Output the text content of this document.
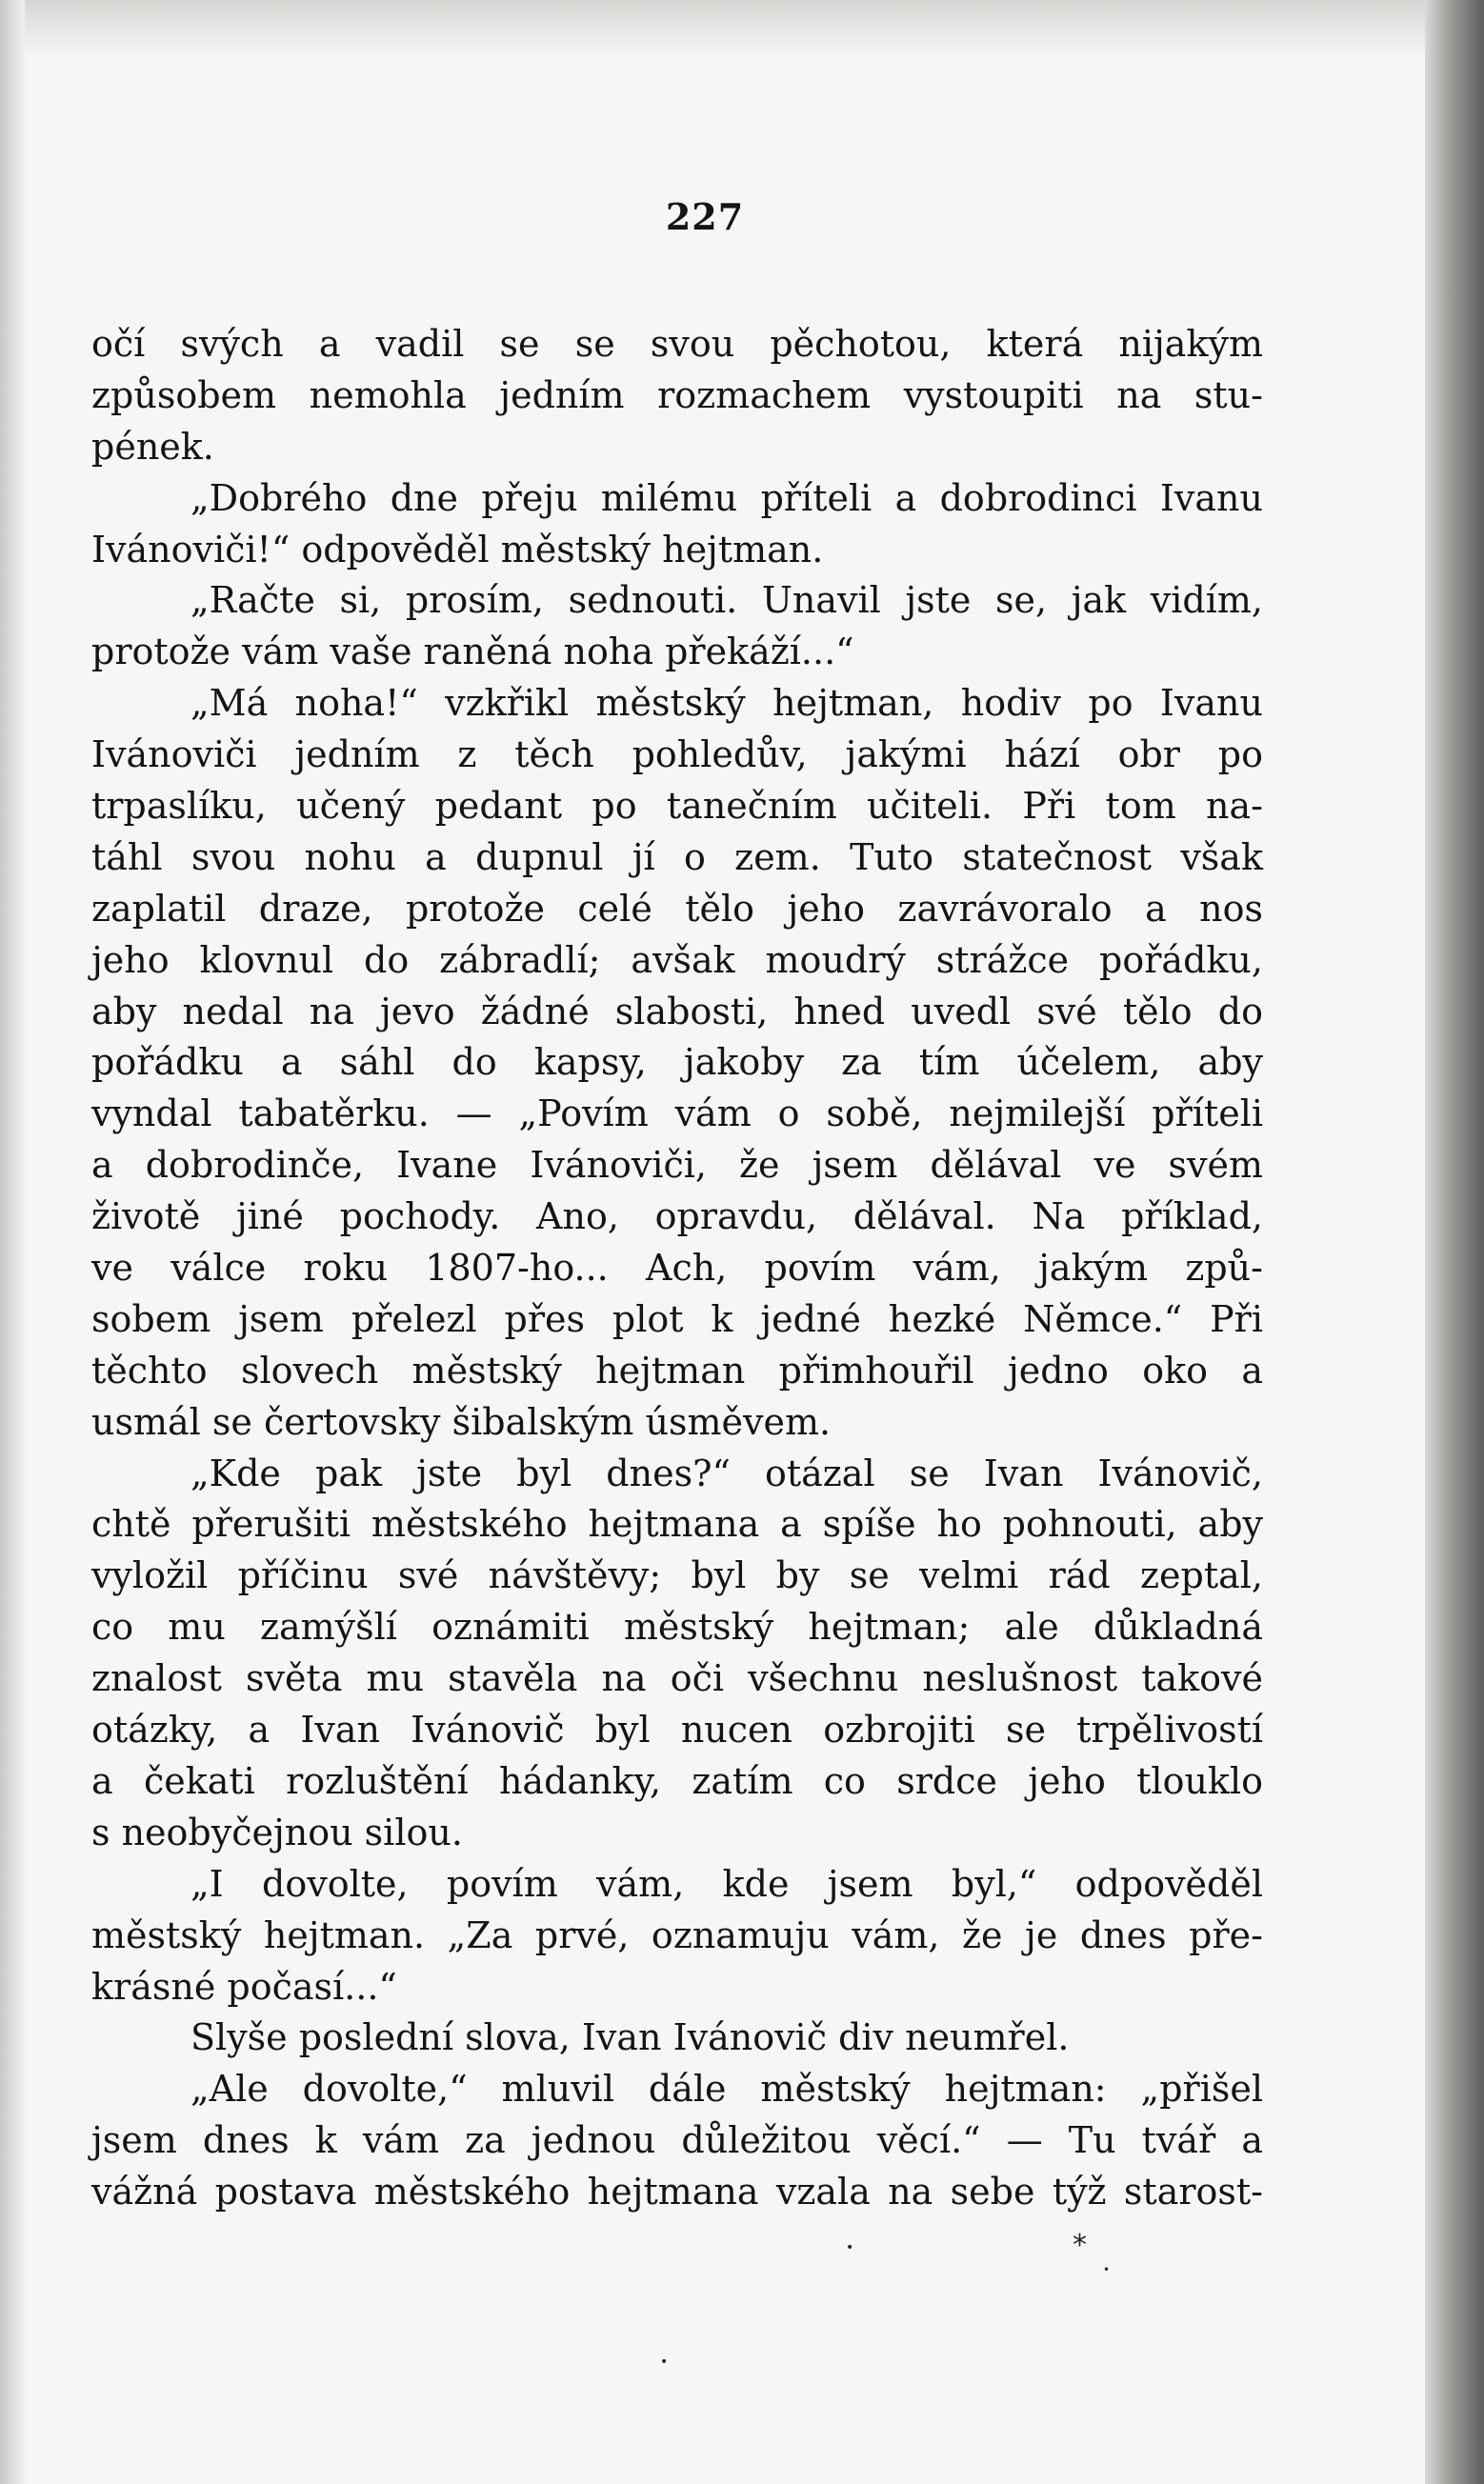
227
očí svých a vadil se se svou pěchotou, která nijakým
způsobem nemohla jedním rozmachem vystoupiti na stu-
pének.
„Dobrého dne přeju milému příteli a dobrodinci Ivanu
Ivánoviči!“ odpověděl městský hejtman.
„Račte si, prosím, sednouti. Unavil jste se, jak vidím,
protože vám vaše raněná noha překáží...“
„Má noha!“ vzkřikl městský hejtman, hodiv po Ivanu
Ivánoviči jedním z těch pohledův, jakými hází obr po
trpaslíku, učený pedant po tanečním učiteli. Při tom na-
táhl svou nohu a dupnul jí o zem. Tuto statečnost však
zaplatil draze, protože celé tělo jeho zavrávoralo a nos
jeho klovnul do zábradlí; avšak moudrý strážce pořádku,
aby nedal na jevo žádné slabosti, hned uvedl své tělo do
pořádku a sáhl do kapsy, jakoby za tím účelem, aby
vyndal tabatěrku. — „Povím vám o sobě, nejmilejší příteli
a dobrodinče, Ivane Ivánoviči, že jsem dělával ve svém
životě jiné pochody. Ano, opravdu, dělával. Na příklad,
ve válce roku 1807-ho... Ach, povím vám, jakým způ-
sobem jsem přelezl přes plot k jedné hezké Němce.“ Při
těchto slovech městský hejtman přimhouřil jedno oko a
usmál se čertovsky šibalským úsměvem.
„Kde pak jste byl dnes?“ otázal se Ivan Ivánovič,
chtě přerušiti městského hejtmana a spíše ho pohnouti, aby
vyložil příčinu své návštěvy; byl by se velmi rád zeptal,
co mu zamýšlí oznámiti městský hejtman; ale důkladná
znalost světa mu stavěla na oči všechnu neslušnost takové
otázky, a Ivan Ivánovič byl nucen ozbrojiti se trpělivostí
a čekati rozluštění hádanky, zatím co srdce jeho tlouklo
s neobyčejnou silou.
„I dovolte, povím vám, kde jsem byl,“ odpověděl
městský hejtman. „Za prvé, oznamuju vám, že je dnes pře-
krásné počasí...“
Slyše poslední slova, Ivan Ivánovič div neumřel.
„Ale dovolte,“ mluvil dále městský hejtman: „přišel
jsem dnes k vám za jednou důležitou věcí.“ — Tu tvář a
vážná postava městského hejtmana vzala na sebe týž starost-
*
•
•
•
